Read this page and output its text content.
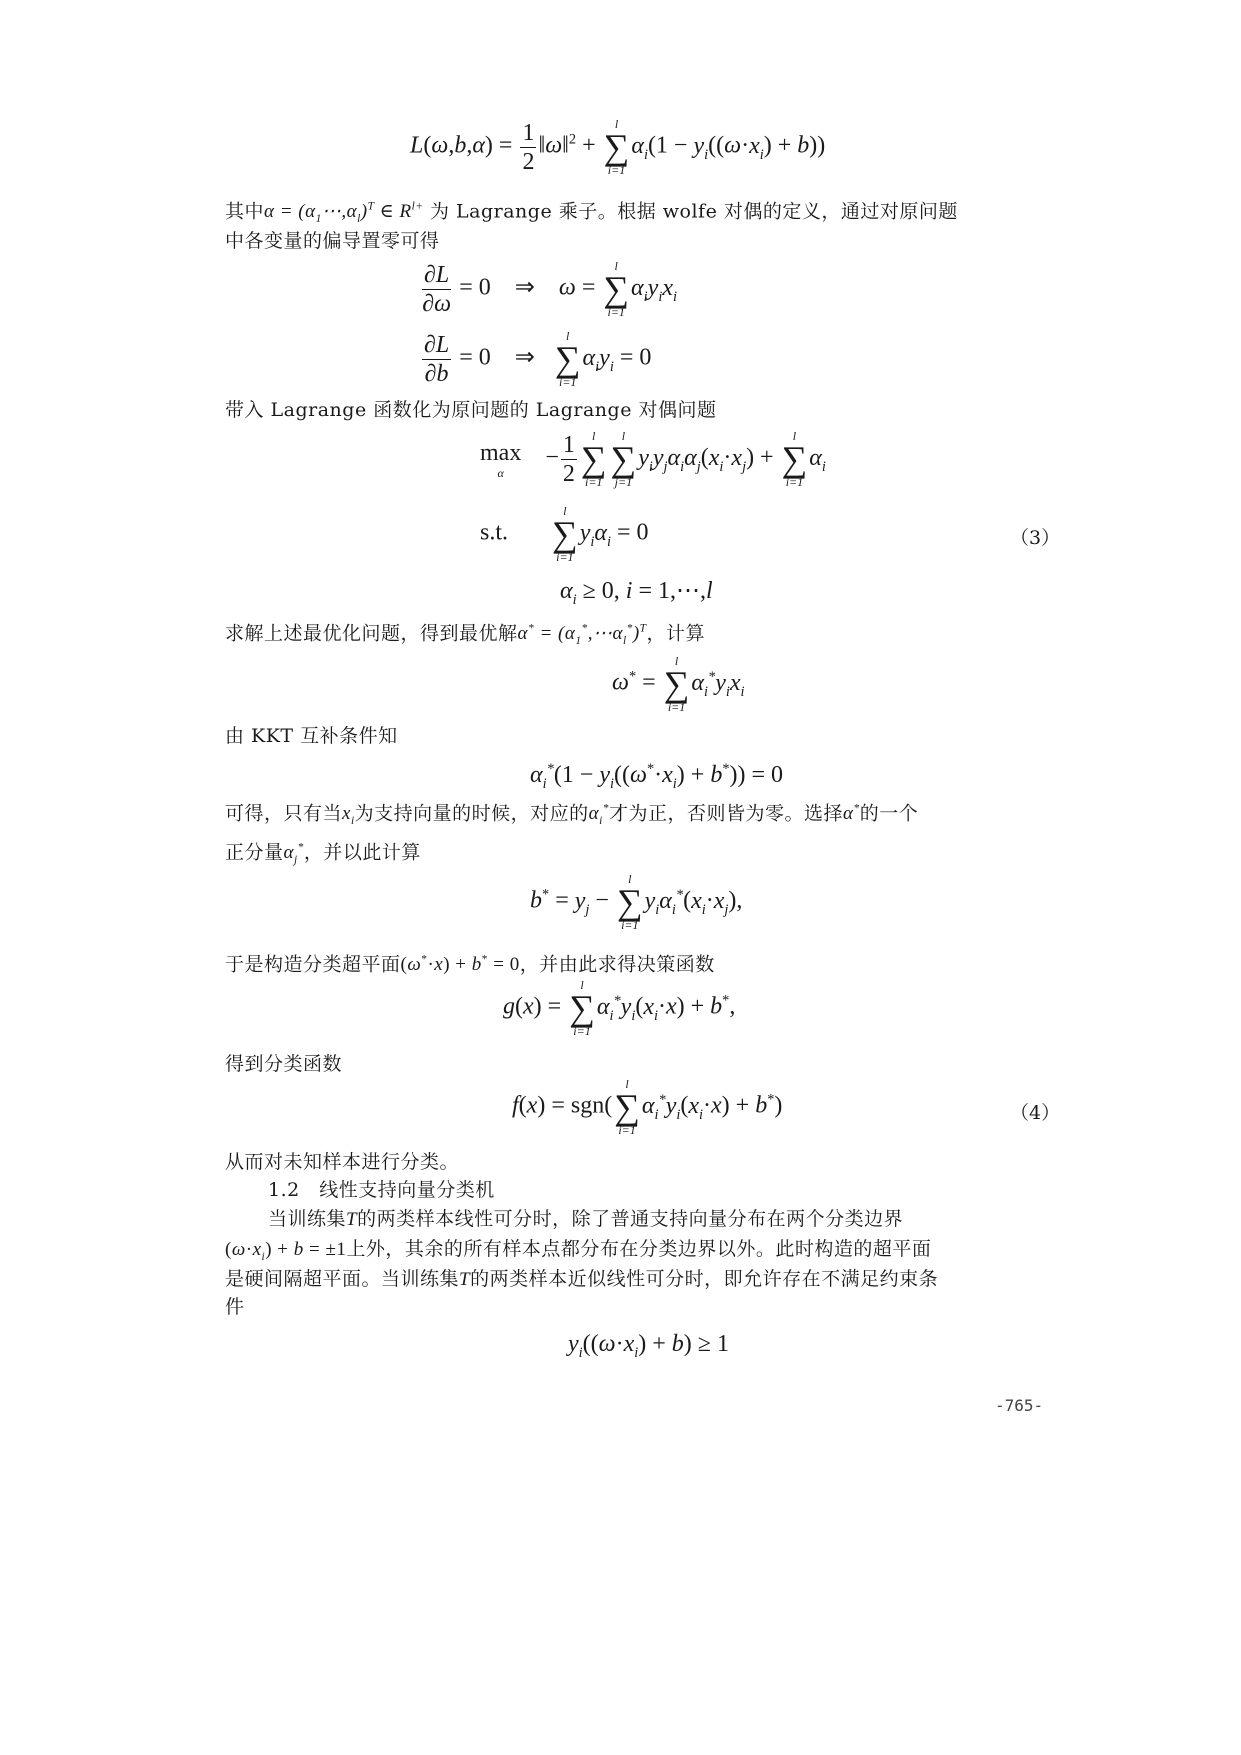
$L(\omega,b,\alpha) = \frac{1}{2}$ ‖ω‖$^2$ +
l
∑
i=1
$\alpha_i(1 - y_i((\omega\cdot x_i) + b))$
其中$\alpha = (\alpha_1\cdots,\alpha_l)^T$ ∈ $R^{l+}$ 为 Lagrange 乘子。根据 wolfe 对偶的定义，通过对原问题
中各变量的偏导置零可得
$\frac{\partial L}{\partial\omega} = 0$    ⇒    ω =
l
∑
i=1
$\alpha_iy_ix_i$
$\frac{\partial L}{\partial b} = 0$    ⇒
l
∑
i=1
$\alpha_iy_i = 0$
带入 Lagrange 函数化为原问题的 Lagrange 对偶问题
max
α
− $\frac{1}{2}$	l
∑
i=1
l
∑
j=1
$y_iy_j\alpha_i\alpha_j(x_i\cdot x_j)$ +
l
∑
i=1
$\alpha_i$
s.t.
l
∑
i=1
$y_i\alpha_i = 0$	（3）
$\alpha_i \ge 0$, i = 1,⋯,l
求解上述最优化问题，得到最优解$\alpha^* = (\alpha_1^*,\cdots\alpha_l^*)^T$，计算
ω* =
l
∑
i=1
$\alpha_i^*y_ix_i$
由 KKT 互补条件知
$\alpha_i^*(1 - y_i((\omega^*\cdot x_i) + b^*)) = 0$
可得，只有当$x_i$为支持向量的时候，对应的$\alpha_i^*$才为正，否则皆为零。选择α*的一个
正分量$\alpha_j^*$，并以此计算
$b^* = y_j$ −
l
∑
i=1
$y_i\alpha_i^*(x_i\cdot x_j)$,
于是构造分类超平面(ω*·x) + b* = 0，并由此求得决策函数
g(x) =
l
∑
i=1
$\alpha_i^*y_i(x_i\cdot x) + b^*$,
得到分类函数
f(x) = sgn(
l
∑
i=1
$\alpha_i^*y_i(x_i\cdot x) + b^*$)	（4）
从而对未知样本进行分类。
1.2　线性支持向量分类机
当训练集T的两类样本线性可分时，除了普通支持向量分布在两个分类边界
$(\omega\cdot x_i) + b = \pm 1$上外，其余的所有样本点都分布在分类边界以外。此时构造的超平面
是硬间隔超平面。当训练集T的两类样本近似线性可分时，即允许存在不满足约束条
件
$y_i((\omega\cdot x_i) + b) \ge 1$
-765-
